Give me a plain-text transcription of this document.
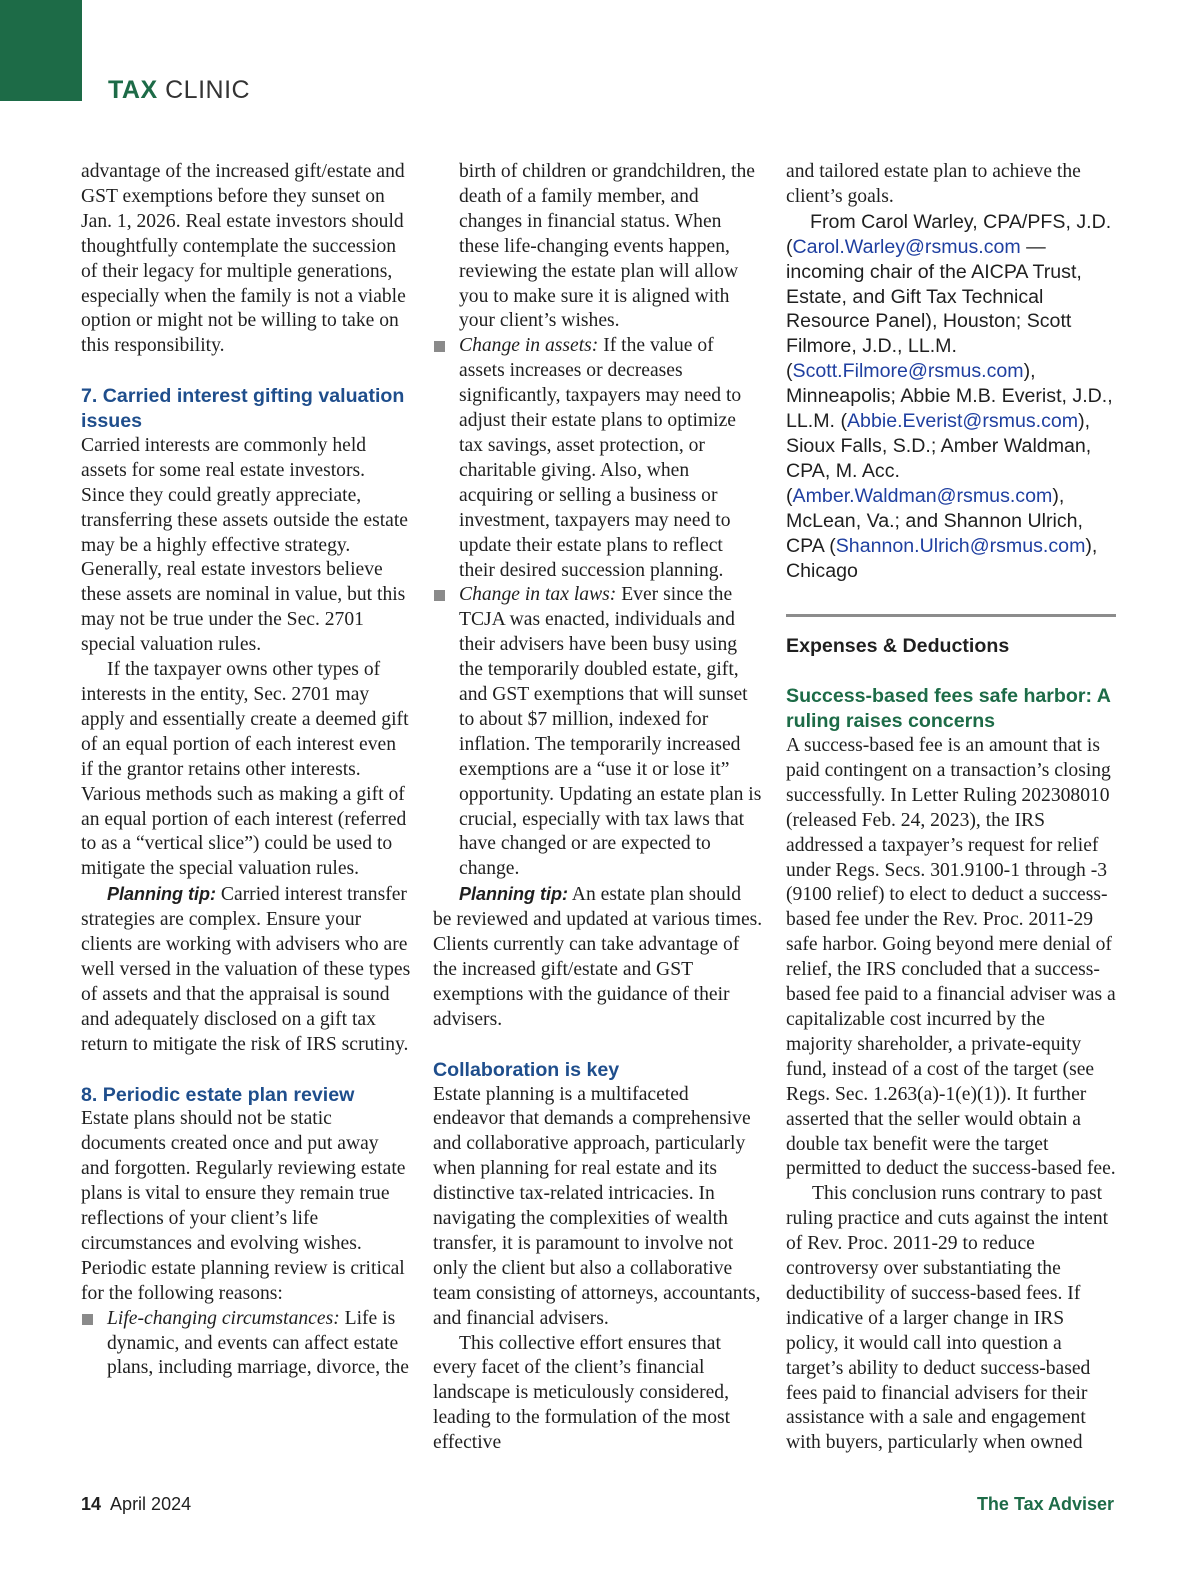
TAX CLINIC

advantage of the increased gift/estate and GST exemptions before they sunset on Jan. 1, 2026. Real estate investors should thoughtfully contemplate the succession of their legacy for multiple generations, especially when the family is not a viable option or might not be willing to take on this responsibility.

7. Carried interest gifting valuation issues

Carried interests are commonly held assets for some real estate investors. Since they could greatly appreciate, transferring these assets outside the estate may be a highly effective strategy. Generally, real estate investors believe these assets are nominal in value, but this may not be true under the Sec. 2701 special valuation rules.

If the taxpayer owns other types of interests in the entity, Sec. 2701 may apply and essentially create a deemed gift of an equal portion of each interest even if the grantor retains other interests. Various methods such as making a gift of an equal portion of each interest (referred to as a “vertical slice”) could be used to mitigate the special valuation rules.

Planning tip: Carried interest transfer strategies are complex. Ensure your clients are working with advisers who are well versed in the valuation of these types of assets and that the appraisal is sound and adequately disclosed on a gift tax return to mitigate the risk of IRS scrutiny.

8. Periodic estate plan review

Estate plans should not be static documents created once and put away and forgotten. Regularly reviewing estate plans is vital to ensure they remain true reflections of your client’s life circumstances and evolving wishes. Periodic estate planning review is critical for the following reasons:

Life-changing circumstances: Life is dynamic, and events can affect estate plans, including marriage, divorce, the

birth of children or grandchildren, the death of a family member, and changes in financial status. When these life-changing events happen, reviewing the estate plan will allow you to make sure it is aligned with your client’s wishes.

Change in assets: If the value of assets increases or decreases significantly, taxpayers may need to adjust their estate plans to optimize tax savings, asset protection, or charitable giving. Also, when acquiring or selling a business or investment, taxpayers may need to update their estate plans to reflect their desired succession planning.

Change in tax laws: Ever since the TCJA was enacted, individuals and their advisers have been busy using the temporarily doubled estate, gift, and GST exemptions that will sunset to about $7 million, indexed for inflation. The temporarily increased exemptions are a “use it or lose it” opportunity. Updating an estate plan is crucial, especially with tax laws that have changed or are expected to change.

Planning tip: An estate plan should be reviewed and updated at various times. Clients currently can take advantage of the increased gift/estate and GST exemptions with the guidance of their advisers.

Collaboration is key

Estate planning is a multifaceted endeavor that demands a comprehensive and collaborative approach, particularly when planning for real estate and its distinctive tax-related intricacies. In navigating the complexities of wealth transfer, it is paramount to involve not only the client but also a collaborative team consisting of attorneys, accountants, and financial advisers.

This collective effort ensures that every facet of the client’s financial landscape is meticulously considered, leading to the formulation of the most effective

and tailored estate plan to achieve the client’s goals.

From Carol Warley, CPA/PFS, J.D. (Carol.Warley@rsmus.com — incoming chair of the AICPA Trust, Estate, and Gift Tax Technical Resource Panel), Houston; Scott Filmore, J.D., LL.M. (Scott.Filmore@rsmus.com), Minneapolis; Abbie M.B. Everist, J.D., LL.M. (Abbie.Everist@rsmus.com), Sioux Falls, S.D.; Amber Waldman, CPA, M. Acc. (Amber.Waldman@rsmus.com), McLean, Va.; and Shannon Ulrich, CPA (Shannon.Ulrich@rsmus.com), Chicago

Expenses & Deductions

Success-based fees safe harbor: A ruling raises concerns

A success-based fee is an amount that is paid contingent on a transaction’s closing successfully. In Letter Ruling 202308010 (released Feb. 24, 2023), the IRS addressed a taxpayer’s request for relief under Regs. Secs. 301.9100-1 through -3 (9100 relief) to elect to deduct a success-based fee under the Rev. Proc. 2011-29 safe harbor. Going beyond mere denial of relief, the IRS concluded that a success-based fee paid to a financial adviser was a capitalizable cost incurred by the majority shareholder, a private-equity fund, instead of a cost of the target (see Regs. Sec. 1.263(a)-1(e)(1)). It further asserted that the seller would obtain a double tax benefit were the target permitted to deduct the success-based fee.

This conclusion runs contrary to past ruling practice and cuts against the intent of Rev. Proc. 2011-29 to reduce controversy over substantiating the deductibility of success-based fees. If indicative of a larger change in IRS policy, it would call into question a target’s ability to deduct success-based fees paid to financial advisers for their assistance with a sale and engagement with buyers, particularly when owned

14 April 2024	The Tax Adviser
